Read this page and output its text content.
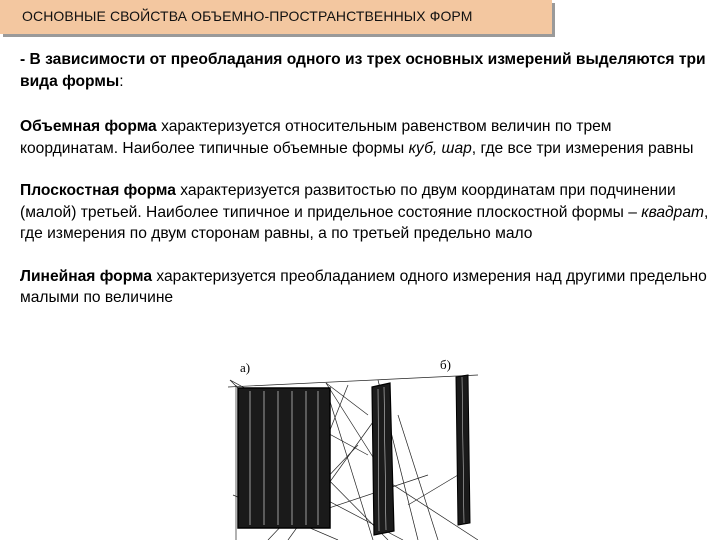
ОСНОВНЫЕ СВОЙСТВА ОБЪЕМНО-ПРОСТРАНСТВЕННЫХ ФОРМ

- В зависимости от преобладания одного из трех основных измерений выделяются три вида формы:

Объемная форма характеризуется относительным равенством величин по трем координатам. Наиболее типичные объемные формы куб, шар, где все три измерения равны

Плоскостная форма характеризуется развитостью по двум координатам при подчинении (малой) третьей. Наиболее типичное и придельное состояние плоскостной формы – квадрат, где измерения по двум сторонам равны, а по третьей предельно мало

Линейная форма характеризуется преобладанием одного измерения над другими предельно малыми по величине

a)	б)
